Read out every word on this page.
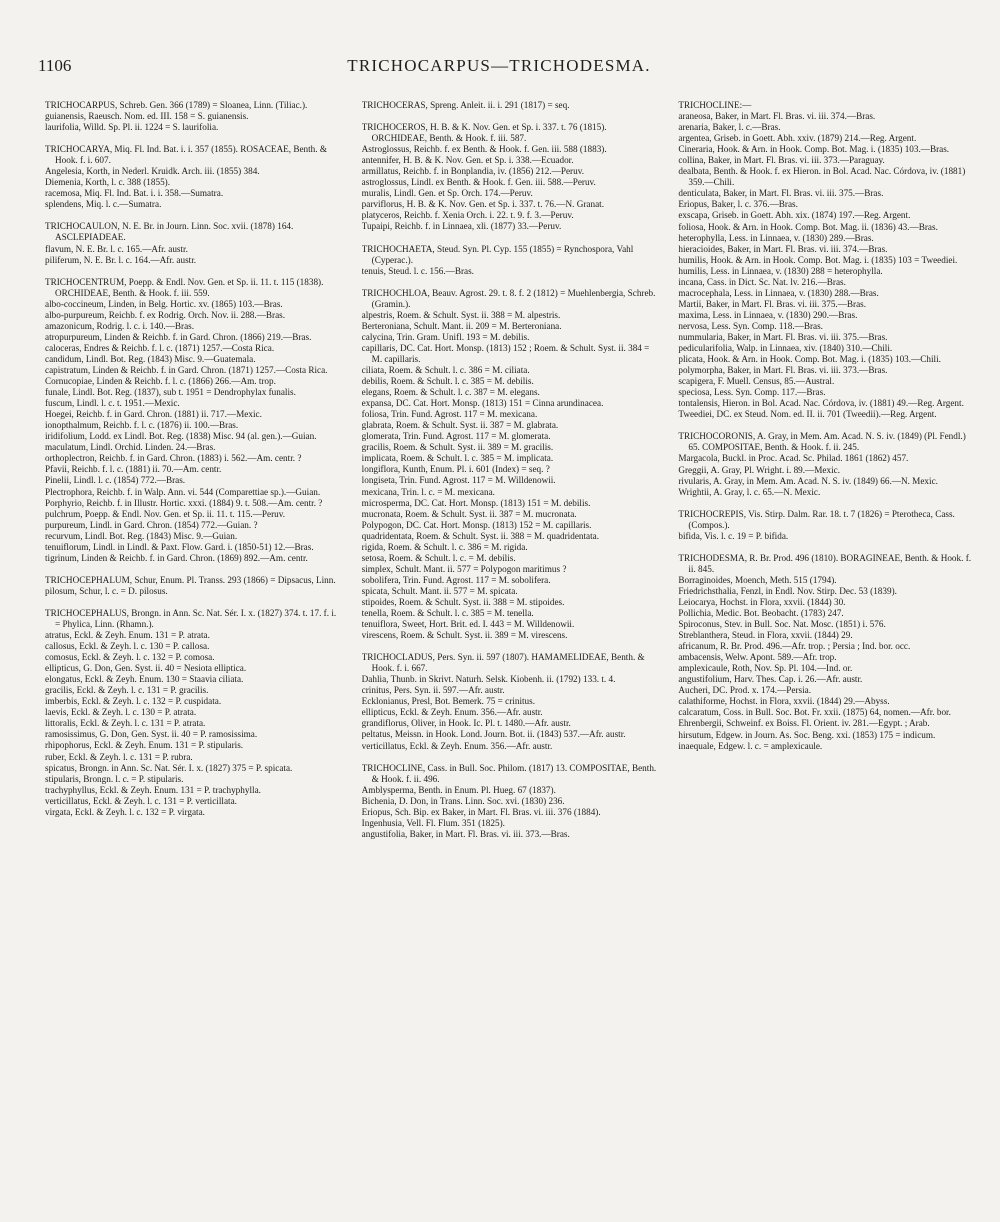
1106	TRICHOCARPUS—TRICHODESMA.

TRICHOCARPUS, Schreb. Gen. 366 (1789) = Sloanea, Linn. (Tiliac.).

guianensis, Raeusch. Nom. ed. III. 158 = S. guianensis.

laurifolia, Willd. Sp. Pl. ii. 1224 = S. laurifolia.

TRICHOCARYA, Miq. Fl. Ind. Bat. i. i. 357 (1855). ROSACEAE, Benth. & Hook. f. i. 607.

Angelesia, Korth, in Nederl. Kruidk. Arch. iii. (1855) 384.

Diemenia, Korth, l. c. 388 (1855).

racemosa, Miq. Fl. Ind. Bat. i. i. 358.—Sumatra.

splendens, Miq. l. c.—Sumatra.

TRICHOCAULON, N. E. Br. in Journ. Linn. Soc. xvii. (1878) 164. ASCLEPIADEAE.

flavum, N. E. Br. l. c. 165.—Afr. austr.

piliferum, N. E. Br. l. c. 164.—Afr. austr.

TRICHOCENTRUM, Poepp. & Endl. Nov. Gen. et Sp. ii. 11. t. 115 (1838). ORCHIDEAE, Benth. & Hook. f. iii. 559.

albo-coccineum, Linden, in Belg. Hortic. xv. (1865) 103.—Bras.

albo-purpureum, Reichb. f. ex Rodrig. Orch. Nov. ii. 288.—Bras.

amazonicum, Rodrig. l. c. i. 140.—Bras.

atropurpureum, Linden & Reichb. f. in Gard. Chron. (1866) 219.—Bras.

caloceras, Endres & Reichb. f. l. c. (1871) 1257.—Costa Rica.

candidum, Lindl. Bot. Reg. (1843) Misc. 9.—Guatemala.

capistratum, Linden & Reichb. f. in Gard. Chron. (1871) 1257.—Costa Rica.

Cornucopiae, Linden & Reichb. f. l. c. (1866) 266.—Am. trop.

funale, Lindl. Bot. Reg. (1837), sub t. 1951 = Dendrophylax funalis.

fuscum, Lindl. l. c. t. 1951.—Mexic.

Hoegei, Reichb. f. in Gard. Chron. (1881) ii. 717.—Mexic.

ionopthalmum, Reichb. f. l. c. (1876) ii. 100.—Bras.

iridifolium, Lodd. ex Lindl. Bot. Reg. (1838) Misc. 94 (al. gen.).—Guian.

maculatum, Lindl. Orchid. Linden. 24.—Bras.

orthoplectron, Reichb. f. in Gard. Chron. (1883) i. 562.—Am. centr. ?

Pfavii, Reichb. f. l. c. (1881) ii. 70.—Am. centr.

Pinelii, Lindl. l. c. (1854) 772.—Bras.

Plectrophora, Reichb. f. in Walp. Ann. vi. 544 (Comparettiae sp.).—Guian.

Porphyrio, Reichb. f. in Illustr. Hortic. xxxi. (1884) 9. t. 508.—Am. centr. ?

pulchrum, Poepp. & Endl. Nov. Gen. et Sp. ii. 11. t. 115.—Peruv.

purpureum, Lindl. in Gard. Chron. (1854) 772.—Guian. ?

recurvum, Lindl. Bot. Reg. (1843) Misc. 9.—Guian.

tenuiflorum, Lindl. in Lindl. & Paxt. Flow. Gard. i. (1850-51) 12.—Bras.

tigrinum, Linden & Reichb. f. in Gard. Chron. (1869) 892.—Am. centr.

TRICHOCEPHALUM, Schur, Enum. Pl. Transs. 293 (1866) = Dipsacus, Linn.

pilosum, Schur, l. c. = D. pilosus.

TRICHOCEPHALUS, Brongn. in Ann. Sc. Nat. Sér. I. x. (1827) 374. t. 17. f. i. = Phylica, Linn. (Rhamn.).

atratus, Eckl. & Zeyh. Enum. 131 = P. atrata.

callosus, Eckl. & Zeyh. l. c. 130 = P. callosa.

comosus, Eckl. & Zeyh. l. c. 132 = P. comosa.

ellipticus, G. Don, Gen. Syst. ii. 40 = Nesiota elliptica.

elongatus, Eckl. & Zeyh. Enum. 130 = Staavia ciliata.

gracilis, Eckl. & Zeyh. l. c. 131 = P. gracilis.

imberbis, Eckl. & Zeyh. l. c. 132 = P. cuspidata.

laevis, Eckl. & Zeyh. l. c. 130 = P. atrata.

littoralis, Eckl. & Zeyh. l. c. 131 = P. atrata.

ramosissimus, G. Don, Gen. Syst. ii. 40 = P. ramosissima.

rhipophorus, Eckl. & Zeyh. Enum. 131 = P. stipularis.

ruber, Eckl. & Zeyh. l. c. 131 = P. rubra.

spicatus, Brongn. in Ann. Sc. Nat. Sér. I. x. (1827) 375 = P. spicata.

stipularis, Brongn. l. c. = P. stipularis.

trachyphyllus, Eckl. & Zeyh. Enum. 131 = P. trachyphylla.

verticillatus, Eckl. & Zeyh. l. c. 131 = P. verticillata.

virgata, Eckl. & Zeyh. l. c. 132 = P. virgata.

TRICHOCERAS, Spreng. Anleit. ii. i. 291 (1817) = seq.

TRICHOCEROS, H. B. & K. Nov. Gen. et Sp. i. 337. t. 76 (1815). ORCHIDEAE, Benth. & Hook. f. iii. 587.

Astroglossus, Reichb. f. ex Benth. & Hook. f. Gen. iii. 588 (1883).

antennifer, H. B. & K. Nov. Gen. et Sp. i. 338.—Ecuador.

armillatus, Reichb. f. in Bonplandia, iv. (1856) 212.—Peruv.

astroglossus, Lindl. ex Benth. & Hook. f. Gen. iii. 588.—Peruv.

muralis, Lindl. Gen. et Sp. Orch. 174.—Peruv.

parviflorus, H. B. & K. Nov. Gen. et Sp. i. 337. t. 76.—N. Granat.

platyceros, Reichb. f. Xenia Orch. i. 22. t. 9. f. 3.—Peruv.

Tupaipi, Reichb. f. in Linnaea, xli. (1877) 33.—Peruv.

TRICHOCHAETA, Steud. Syn. Pl. Cyp. 155 (1855) = Rynchospora, Vahl (Cyperac.).

tenuis, Steud. l. c. 156.—Bras.

TRICHOCHLOA, Beauv. Agrost. 29. t. 8. f. 2 (1812) = Muehlenbergia, Schreb. (Gramin.).

alpestris, Roem. & Schult. Syst. ii. 388 = M. alpestris.

Berteroniana, Schult. Mant. ii. 209 = M. Berteroniana.

calycina, Trin. Gram. Unifl. 193 = M. debilis.

capillaris, DC. Cat. Hort. Monsp. (1813) 152 ; Roem. & Schult. Syst. ii. 384 = M. capillaris.

ciliata, Roem. & Schult. l. c. 386 = M. ciliata.

debilis, Roem. & Schult. l. c. 385 = M. debilis.

elegans, Roem. & Schult. l. c. 387 = M. elegans.

expansa, DC. Cat. Hort. Monsp. (1813) 151 = Cinna arundinacea.

foliosa, Trin. Fund. Agrost. 117 = M. mexicana.

glabrata, Roem. & Schult. Syst. ii. 387 = M. glabrata.

glomerata, Trin. Fund. Agrost. 117 = M. glomerata.

gracilis, Roem. & Schult. Syst. ii. 389 = M. gracilis.

implicata, Roem. & Schult. l. c. 385 = M. implicata.

longiflora, Kunth, Enum. Pl. i. 601 (Index) = seq. ?

longiseta, Trin. Fund. Agrost. 117 = M. Willdenowii.

mexicana, Trin. l. c. = M. mexicana.

microsperma, DC. Cat. Hort. Monsp. (1813) 151 = M. debilis.

mucronata, Roem. & Schult. Syst. ii. 387 = M. mucronata.

Polypogon, DC. Cat. Hort. Monsp. (1813) 152 = M. capillaris.

quadridentata, Roem. & Schult. Syst. ii. 388 = M. quadridentata.

rigida, Roem. & Schult. l. c. 386 = M. rigida.

setosa, Roem. & Schult. l. c. = M. debilis.

simplex, Schult. Mant. ii. 577 = Polypogon maritimus ?

sobolifera, Trin. Fund. Agrost. 117 = M. sobolifera.

spicata, Schult. Mant. ii. 577 = M. spicata.

stipoides, Roem. & Schult. Syst. ii. 388 = M. stipoides.

tenella, Roem. & Schult. l. c. 385 = M. tenella.

tenuiflora, Sweet, Hort. Brit. ed. I. 443 = M. Willdenowii.

virescens, Roem. & Schult. Syst. ii. 389 = M. virescens.

TRICHOCLADUS, Pers. Syn. ii. 597 (1807). HAMAMELIDEAE, Benth. & Hook. f. i. 667.

Dahlia, Thunb. in Skrivt. Naturh. Selsk. Kiobenh. ii. (1792) 133. t. 4.

crinitus, Pers. Syn. ii. 597.—Afr. austr.

Ecklonianus, Presl, Bot. Bemerk. 75 = crinitus.

ellipticus, Eckl. & Zeyh. Enum. 356.—Afr. austr.

grandiflorus, Oliver, in Hook. Ic. Pl. t. 1480.—Afr. austr.

peltatus, Meissn. in Hook. Lond. Journ. Bot. ii. (1843) 537.—Afr. austr.

verticillatus, Eckl. & Zeyh. Enum. 356.—Afr. austr.

TRICHOCLINE, Cass. in Bull. Soc. Philom. (1817) 13. COMPOSITAE, Benth. & Hook. f. ii. 496.

Amblysperma, Benth. in Enum. Pl. Hueg. 67 (1837).

Bichenia, D. Don, in Trans. Linn. Soc. xvi. (1830) 236.

Eriopus, Sch. Bip. ex Baker, in Mart. Fl. Bras. vi. iii. 376 (1884).

Ingenhusia, Vell. Fl. Flum. 351 (1825).

angustifolia, Baker, in Mart. Fl. Bras. vi. iii. 373.—Bras.

TRICHOCLINE:—

araneosa, Baker, in Mart. Fl. Bras. vi. iii. 374.—Bras.

arenaria, Baker, l. c.—Bras.

argentea, Griseb. in Goett. Abh. xxiv. (1879) 214.—Reg. Argent.

Cineraria, Hook. & Arn. in Hook. Comp. Bot. Mag. i. (1835) 103.—Bras.

collina, Baker, in Mart. Fl. Bras. vi. iii. 373.—Paraguay.

dealbata, Benth. & Hook. f. ex Hieron. in Bol. Acad. Nac. Córdova, iv. (1881) 359.—Chili.

denticulata, Baker, in Mart. Fl. Bras. vi. iii. 375.—Bras.

Eriopus, Baker, l. c. 376.—Bras.

exscapa, Griseb. in Goett. Abh. xix. (1874) 197.—Reg. Argent.

foliosa, Hook. & Arn. in Hook. Comp. Bot. Mag. ii. (1836) 43.—Bras.

heterophylla, Less. in Linnaea, v. (1830) 289.—Bras.

hieracioides, Baker, in Mart. Fl. Bras. vi. iii. 374.—Bras.

humilis, Hook. & Arn. in Hook. Comp. Bot. Mag. i. (1835) 103 = Tweediei.

humilis, Less. in Linnaea, v. (1830) 288 = heterophylla.

incana, Cass. in Dict. Sc. Nat. lv. 216.—Bras.

macrocephala, Less. in Linnaea, v. (1830) 288.—Bras.

Martii, Baker, in Mart. Fl. Bras. vi. iii. 375.—Bras.

maxima, Less. in Linnaea, v. (1830) 290.—Bras.

nervosa, Less. Syn. Comp. 118.—Bras.

nummularia, Baker, in Mart. Fl. Bras. vi. iii. 375.—Bras.

pedicularifolia, Walp. in Linnaea, xiv. (1840) 310.—Chili.

plicata, Hook. & Arn. in Hook. Comp. Bot. Mag. i. (1835) 103.—Chili.

polymorpha, Baker, in Mart. Fl. Bras. vi. iii. 373.—Bras.

scapigera, F. Muell. Census, 85.—Austral.

speciosa, Less. Syn. Comp. 117.—Bras.

tontalensis, Hieron. in Bol. Acad. Nac. Córdova, iv. (1881) 49.—Reg. Argent.

Tweediei, DC. ex Steud. Nom. ed. II. ii. 701 (Tweedii).—Reg. Argent.

TRICHOCORONIS, A. Gray, in Mem. Am. Acad. N. S. iv. (1849) (Pl. Fendl.) 65. COMPOSITAE, Benth. & Hook. f. ii. 245.

Margacola, Buckl. in Proc. Acad. Sc. Philad. 1861 (1862) 457.

Greggii, A. Gray, Pl. Wright. i. 89.—Mexic.

rivularis, A. Gray, in Mem. Am. Acad. N. S. iv. (1849) 66.—N. Mexic.

Wrightii, A. Gray, l. c. 65.—N. Mexic.

TRICHOCREPIS, Vis. Stirp. Dalm. Rar. 18. t. 7 (1826) = Pterotheca, Cass. (Compos.).

bifida, Vis. l. c. 19 = P. bifida.

TRICHODESMA, R. Br. Prod. 496 (1810). BORAGINEAE, Benth. & Hook. f. ii. 845.

Borraginoides, Moench, Meth. 515 (1794).

Friedrichsthalia, Fenzl, in Endl. Nov. Stirp. Dec. 53 (1839).

Leiocarya, Hochst. in Flora, xxvii. (1844) 30.

Pollichia, Medic. Bot. Beobacht. (1783) 247.

Spiroconus, Stev. in Bull. Soc. Nat. Mosc. (1851) i. 576.

Streblanthera, Steud. in Flora, xxvii. (1844) 29.

africanum, R. Br. Prod. 496.—Afr. trop. ; Persia ; Ind. bor. occ.

ambacensis, Welw. Apont. 589.—Afr. trop.

amplexicaule, Roth, Nov. Sp. Pl. 104.—Ind. or.

angustifolium, Harv. Thes. Cap. i. 26.—Afr. austr.

Aucheri, DC. Prod. x. 174.—Persia.

calathiforme, Hochst. in Flora, xxvii. (1844) 29.—Abyss.

calcaratum, Coss. in Bull. Soc. Bot. Fr. xxii. (1875) 64, nomen.—Afr. bor.

Ehrenbergii, Schweinf. ex Boiss. Fl. Orient. iv. 281.—Egypt. ; Arab.

hirsutum, Edgew. in Journ. As. Soc. Beng. xxi. (1853) 175 = indicum.

inaequale, Edgew. l. c. = amplexicaule.
